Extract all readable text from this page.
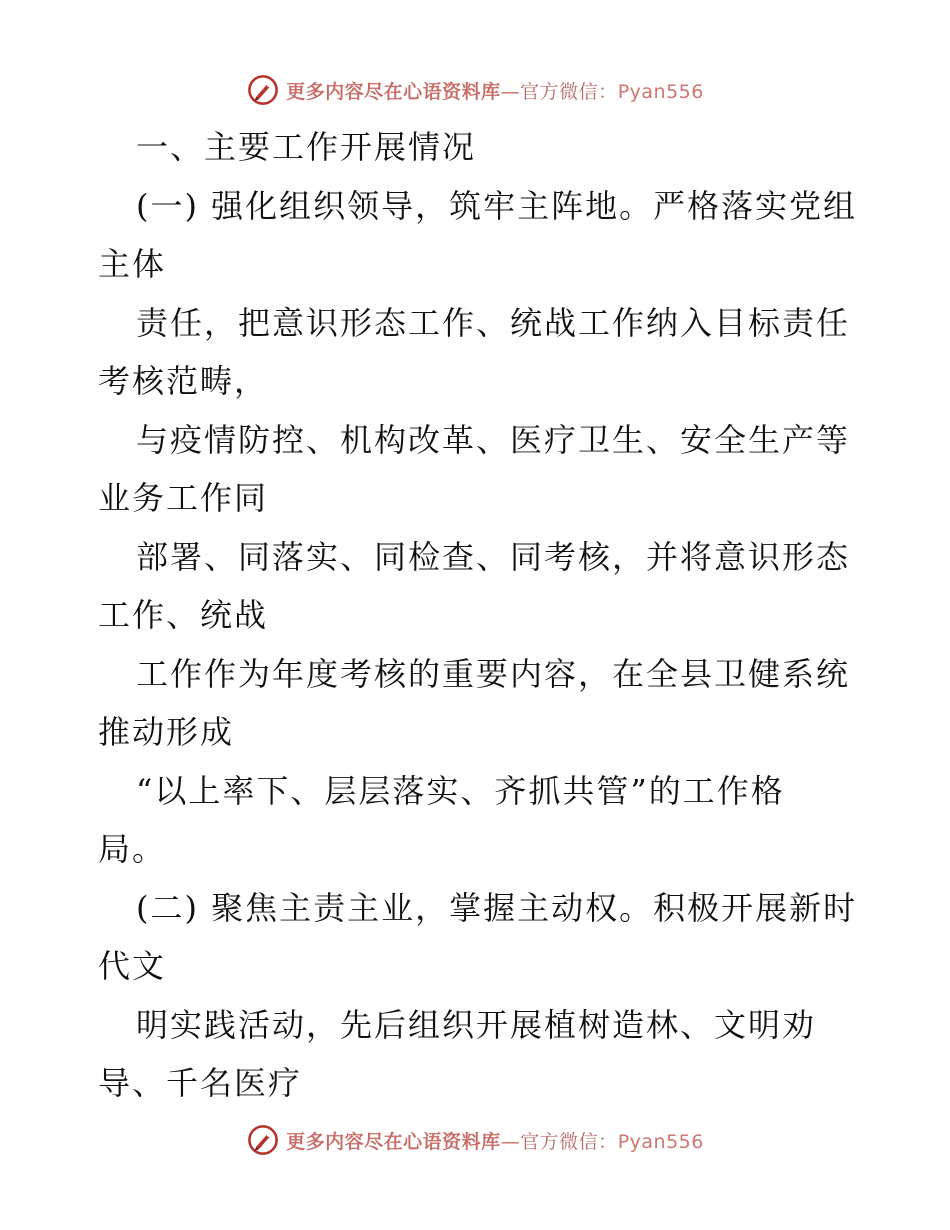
更多内容尽在心语资料库—官方微信：Pyan556
一、主要工作开展情况
(一) 强化组织领导，筑牢主阵地。严格落实党组
主体
责任，把意识形态工作、统战工作纳入目标责任
考核范畴，
与疫情防控、机构改革、医疗卫生、安全生产等
业务工作同
部署、同落实、同检查、同考核，并将意识形态
工作、统战
工作作为年度考核的重要内容，在全县卫健系统
推动形成
“以上率下、层层落实、齐抓共管”的工作格
局。
(二) 聚焦主责主业，掌握主动权。积极开展新时
代文
明实践活动，先后组织开展植树造林、文明劝
导、千名医疗
更多内容尽在心语资料库—官方微信：Pyan556
